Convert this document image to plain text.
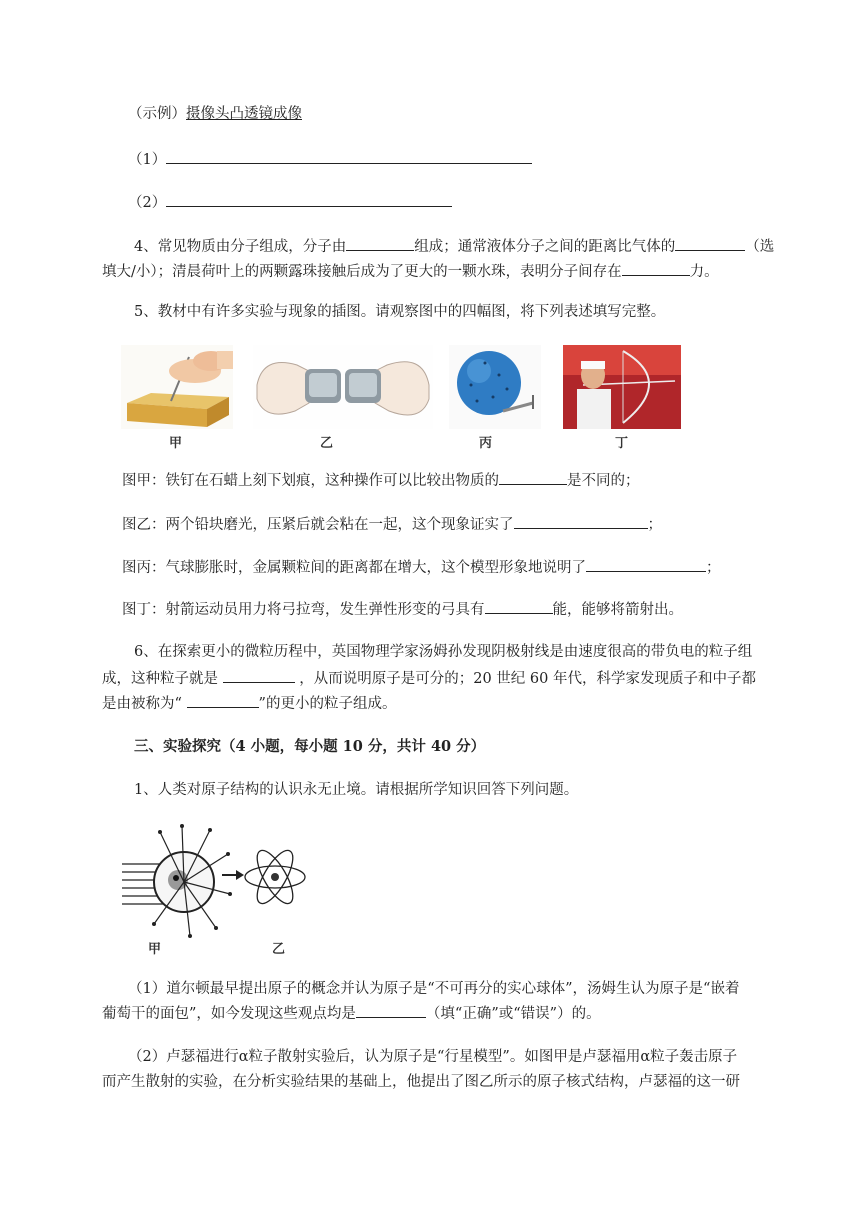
（示例）摄像头凸透镜成像
（1）
（2）
4、常见物质由分子组成，分子由	组成；通常液体分子之间的距离比气体的	（选
填大/小）；清晨荷叶上的两颗露珠接触后成为了更大的一颗水珠，表明分子间存在	力。
5、教材中有许多实验与现象的插图。请观察图中的四幅图，将下列表述填写完整。
甲	乙	丙	丁
图甲：铁钉在石蜡上刻下划痕，这种操作可以比较出物质的	是不同的；
图乙：两个铅块磨光，压紧后就会粘在一起，这个现象证实了	；
图丙：气球膨胀时，金属颗粒间的距离都在增大，这个模型形象地说明了	；
图丁：射箭运动员用力将弓拉弯，发生弹性形变的弓具有	能，能够将箭射出。
6、在探索更小的微粒历程中，英国物理学家汤姆孙发现阴极射线是由速度很高的带负电的粒子组
成，这种粒子就是	，从而说明原子是可分的；20 世纪 60 年代，科学家发现质子和中子都
是由被称为“	”的更小的粒子组成。
三、实验探究（4 小题，每小题 10 分，共计 40 分）
1、人类对原子结构的认识永无止境。请根据所学知识回答下列问题。
甲	乙
（1）道尔顿最早提出原子的概念并认为原子是“不可再分的实心球体”，汤姆生认为原子是“嵌着
葡萄干的面包”，如今发现这些观点均是	（填“正确”或“错误”）的。
（2）卢瑟福进行α粒子散射实验后，认为原子是“行星模型”。如图甲是卢瑟福用α粒子轰击原子
而产生散射的实验，在分析实验结果的基础上，他提出了图乙所示的原子核式结构，卢瑟福的这一研
